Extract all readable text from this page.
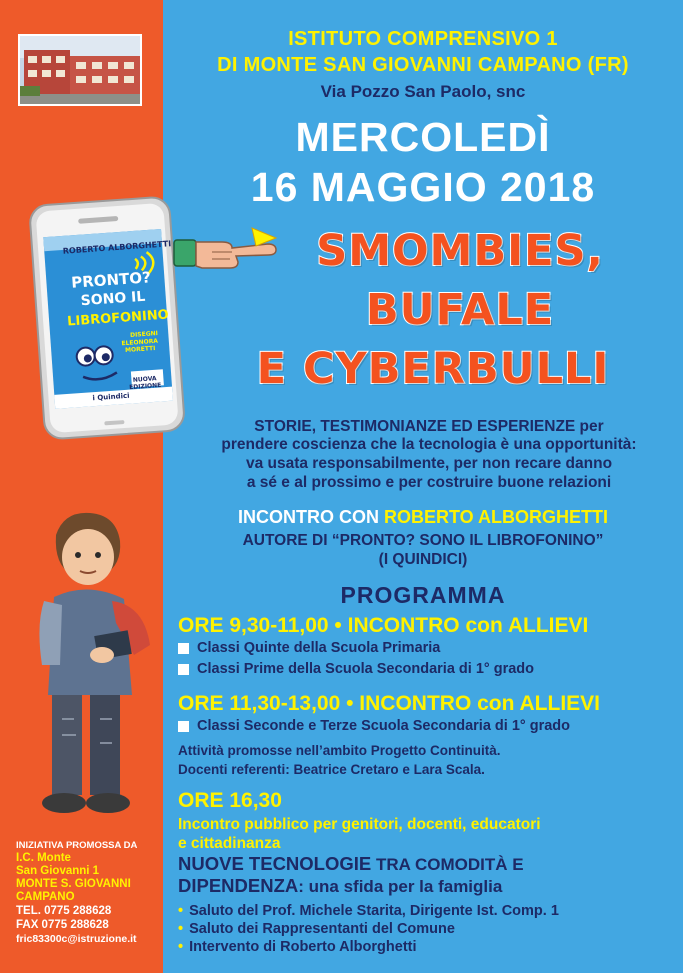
ROBERTO ALBORGHETTI
PRONTO?
SONO IL
LIBROFONINO
DISEGNI
ELEONORA MORETTI
NUOVA EDIZIONE
i Quindici
ISTITUTO COMPRENSIVO 1
DI MONTE SAN GIOVANNI CAMPANO (FR)
Via Pozzo San Paolo, snc
MERCOLEDÌ
16 MAGGIO 2018
SMOMBIES,
BUFALE
E CYBERBULLI
STORIE, TESTIMONIANZE ED ESPERIENZE per
prendere coscienza che la tecnologia è una opportunità:
va usata responsabilmente, per non recare danno
a sé e al prossimo e per costruire buone relazioni
INCONTRO CON ROBERTO ALBORGHETTI
AUTORE DI “PRONTO? SONO IL LIBROFONINO”
(I QUINDICI)
PROGRAMMA
ORE 9,30-11,00 • INCONTRO con ALLIEVI
Classi Quinte della Scuola Primaria
Classi Prime della Scuola Secondaria di 1° grado
ORE 11,30-13,00 • INCONTRO con ALLIEVI
Classi Seconde e Terze Scuola Secondaria di 1° grado
Attività promosse nell’ambito Progetto Continuità.
Docenti referenti: Beatrice Cretaro e Lara Scala.
ORE 16,30
Incontro pubblico per genitori, docenti, educatori
e cittadinanza
NUOVE TECNOLOGIE TRA COMODITÀ E
DIPENDENZA: una sfida per la famiglia
• Saluto del Prof. Michele Starita, Dirigente Ist. Comp. 1
• Saluto dei Rappresentanti del Comune
• Intervento di Roberto Alborghetti
INIZIATIVA PROMOSSA DA
I.C. Monte
San Giovanni 1
MONTE S. GIOVANNI
CAMPANO
TEL. 0775 288628
FAX 0775 288628
fric83300c@istruzione.it
